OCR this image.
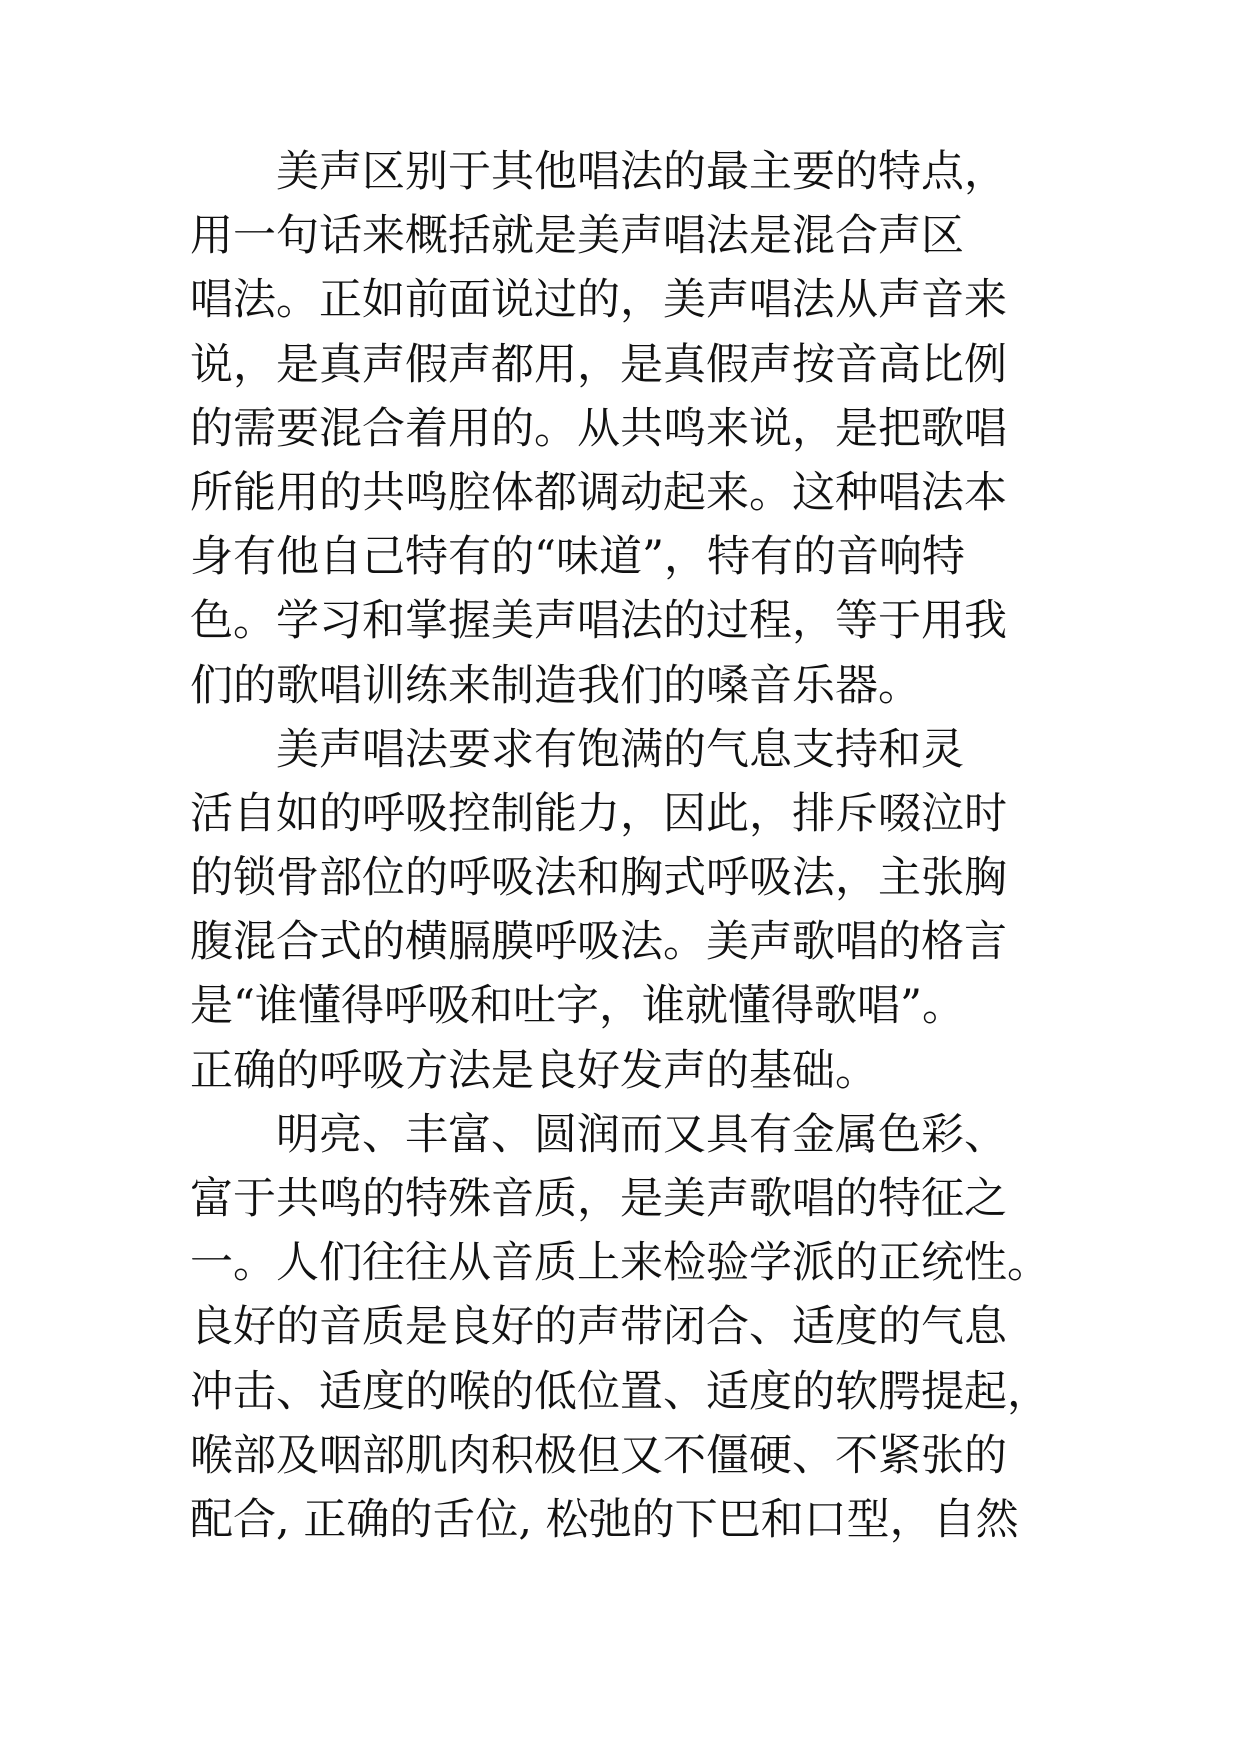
美声区别于其他唱法的最主要的特点，
用一句话来概括就是美声唱法是混合声区
唱法。正如前面说过的，美声唱法从声音来
说，是真声假声都用，是真假声按音高比例
的需要混合着用的。从共鸣来说，是把歌唱
所能用的共鸣腔体都调动起来。这种唱法本
身有他自己特有的“味道”，特有的音响特
色。学习和掌握美声唱法的过程，等于用我
们的歌唱训练来制造我们的嗓音乐器。
美声唱法要求有饱满的气息支持和灵
活自如的呼吸控制能力，因此，排斥啜泣时
的锁骨部位的呼吸法和胸式呼吸法，主张胸
腹混合式的横膈膜呼吸法。美声歌唱的格言
是“谁懂得呼吸和吐字，谁就懂得歌唱”。
正确的呼吸方法是良好发声的基础。
明亮、丰富、圆润而又具有金属色彩、
富于共鸣的特殊音质，是美声歌唱的特征之
一。人们往往从音质上来检验学派的正统性。
良好的音质是良好的声带闭合、适度的气息
冲击、适度的喉的低位置、适度的软腭提起，
喉部及咽部肌肉积极但又不僵硬、不紧张的
配合, 正确的舌位, 松弛的下巴和口型，自然
